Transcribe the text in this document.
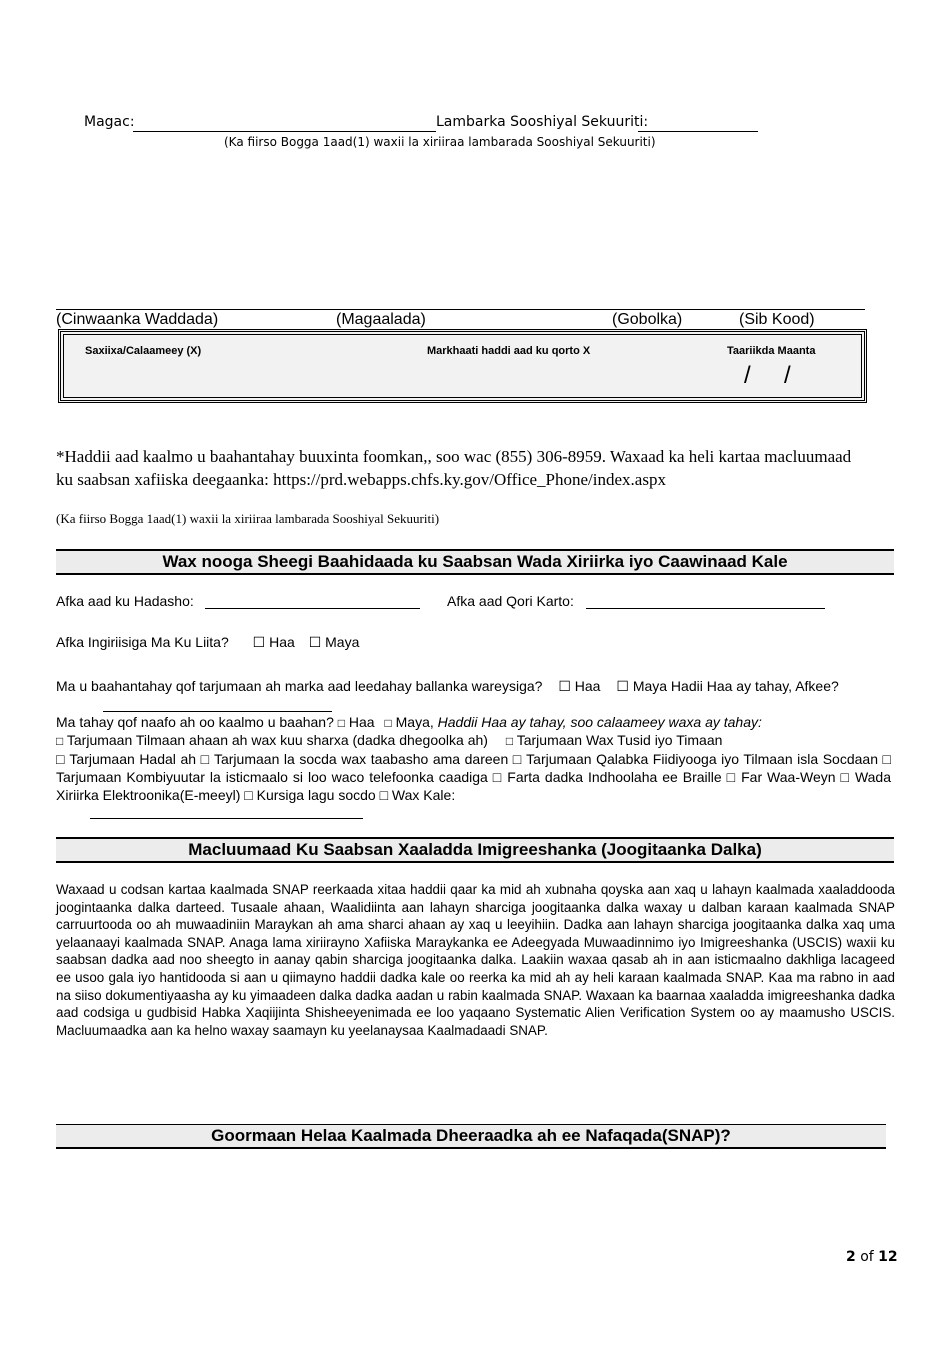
Magac:	Lambarka Sooshiyal Sekuuriti:
(Ka fiirso Bogga 1aad(1) waxii la xiriiraa lambarada Sooshiyal Sekuuriti)
(Cinwaanka Waddada)	(Magaalada)	(Gobolka)	(Sib Kood)
Saxiixa/Calaameey (X)	Markhaati haddi aad ku qorto X	Taariikda Maanta
/     /
*Haddii aad kaalmo u baahantahay buuxinta foomkan,, soo wac (855) 306-8959. Waxaad ka heli kartaa macluumaad ku saabsan xafiiska deegaanka: https://prd.webapps.chfs.ky.gov/Office_Phone/index.aspx
(Ka fiirso Bogga 1aad(1) waxii la xiriiraa lambarada Sooshiyal Sekuuriti)
Wax nooga Sheegi Baahidaada ku Saabsan Wada Xiriirka iyo Caawinaad Kale
Afka aad ku Hadasho:	Afka aad Qori Karto:
Afka Ingiriisiga Ma Ku Liita? ☐ Haa ☐ Maya

Ma u baahantahay qof tarjumaan ah marka aad leedahay ballanka wareysiga? ☐ Haa ☐ Maya Hadii Haa ay tahay, Afkee?

Ma tahay qof naafo ah oo kaalmo u baahan? □ Haa □ Maya, Haddii Haa ay tahay, soo calaameey waxa ay tahay:
□ Tarjumaan Tilmaan ahaan ah wax kuu sharxa (dadka dhegoolka ah) □ Tarjumaan Wax Tusid iyo Timaan

□ Tarjumaan Hadal ah □ Tarjumaan la socda wax taabasho ama dareen □ Tarjumaan Qalabka Fiidiyooga iyo Tilmaan isla Socdaan □ Tarjumaan Kombiyuutar la isticmaalo si loo waco telefoonka caadiga □ Farta dadka Indhoolaha ee Braille □ Far Waa-Weyn □ Wada Xiriirka Elektroonika(E-meeyl) □ Kursiga lagu socdo □ Wax Kale:

Macluumaad Ku Saabsan Xaaladda Imigreeshanka (Joogitaanka Dalka)

Waxaad u codsan kartaa kaalmada SNAP reerkaada xitaa haddii qaar ka mid ah xubnaha qoyska aan xaq u lahayn kaalmada xaaladdooda joogintaanka dalka darteed. Tusaale ahaan, Waalidiinta aan lahayn sharciga joogitaanka dalka waxay u dalban karaan kaalmada SNAP carruurtooda oo ah muwaadiniin Maraykan ah ama sharci ahaan ay xaq u leeyihiin. Dadka aan lahayn sharciga joogitaanka dalka xaq uma yelaanaayi kaalmada SNAP. Anaga lama xiriirayno Xafiiska Maraykanka ee Adeegyada Muwaadinnimo iyo Imigreeshanka (USCIS) waxii ku saabsan dadka aad noo sheegto in aanay qabin sharciga joogitaanka dalka. Laakiin waxaa qasab ah in aan isticmaalno dakhliga lacageed ee usoo gala iyo hantidooda si aan u qiimayno haddii dadka kale oo reerka ka mid ah ay heli karaan kaalmada SNAP. Kaa ma rabno in aad na siiso dokumentiyaasha ay ku yimaadeen dalka dadka aadan u rabin kaalmada SNAP. Waxaan ka baarnaa xaaladda imigreeshanka dadka aad codsiga u gudbisid Habka Xaqiijinta Shisheeyenimada ee loo yaqaano Systematic Alien Verification System oo ay maamusho USCIS. Macluumaadka aan ka helno waxay saamayn ku yeelanaysaa Kaalmadaadi SNAP.

Goormaan Helaa Kaalmada Dheeraadka ah ee Nafaqada(SNAP)?
2 of 12
